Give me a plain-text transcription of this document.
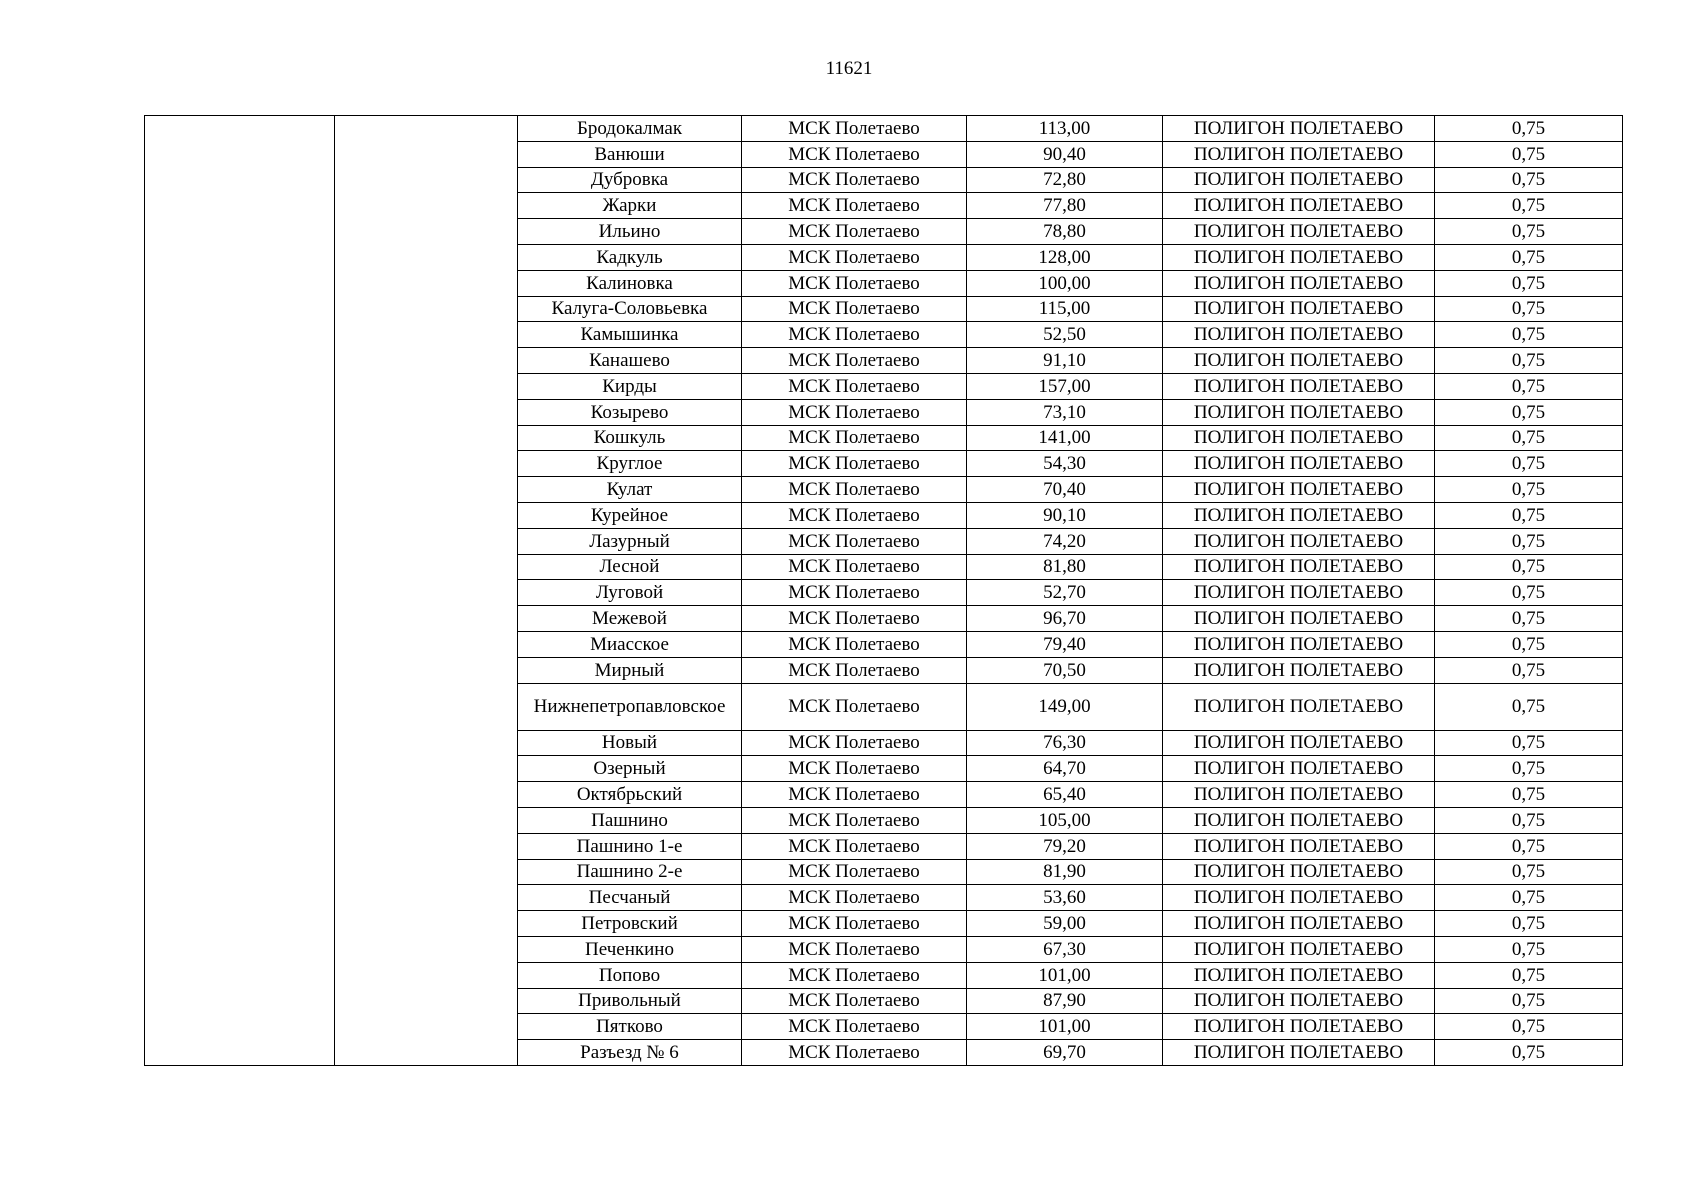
11621
		Бродокалмак	МСК Полетаево	113,00	ПОЛИГОН ПОЛЕТАЕВО	0,75
		Ванюши	МСК Полетаево	90,40	ПОЛИГОН ПОЛЕТАЕВО	0,75
		Дубровка	МСК Полетаево	72,80	ПОЛИГОН ПОЛЕТАЕВО	0,75
		Жарки	МСК Полетаево	77,80	ПОЛИГОН ПОЛЕТАЕВО	0,75
		Ильино	МСК Полетаево	78,80	ПОЛИГОН ПОЛЕТАЕВО	0,75
		Кадкуль	МСК Полетаево	128,00	ПОЛИГОН ПОЛЕТАЕВО	0,75
		Калиновка	МСК Полетаево	100,00	ПОЛИГОН ПОЛЕТАЕВО	0,75
		Калуга-Соловьевка	МСК Полетаево	115,00	ПОЛИГОН ПОЛЕТАЕВО	0,75
		Камышинка	МСК Полетаево	52,50	ПОЛИГОН ПОЛЕТАЕВО	0,75
		Канашево	МСК Полетаево	91,10	ПОЛИГОН ПОЛЕТАЕВО	0,75
		Кирды	МСК Полетаево	157,00	ПОЛИГОН ПОЛЕТАЕВО	0,75
		Козырево	МСК Полетаево	73,10	ПОЛИГОН ПОЛЕТАЕВО	0,75
		Кошкуль	МСК Полетаево	141,00	ПОЛИГОН ПОЛЕТАЕВО	0,75
		Круглое	МСК Полетаево	54,30	ПОЛИГОН ПОЛЕТАЕВО	0,75
		Кулат	МСК Полетаево	70,40	ПОЛИГОН ПОЛЕТАЕВО	0,75
		Курейное	МСК Полетаево	90,10	ПОЛИГОН ПОЛЕТАЕВО	0,75
		Лазурный	МСК Полетаево	74,20	ПОЛИГОН ПОЛЕТАЕВО	0,75
		Лесной	МСК Полетаево	81,80	ПОЛИГОН ПОЛЕТАЕВО	0,75
		Луговой	МСК Полетаево	52,70	ПОЛИГОН ПОЛЕТАЕВО	0,75
		Межевой	МСК Полетаево	96,70	ПОЛИГОН ПОЛЕТАЕВО	0,75
		Миасское	МСК Полетаево	79,40	ПОЛИГОН ПОЛЕТАЕВО	0,75
		Мирный	МСК Полетаево	70,50	ПОЛИГОН ПОЛЕТАЕВО	0,75
		Нижнепетропавловское	МСК Полетаево	149,00	ПОЛИГОН ПОЛЕТАЕВО	0,75
		Новый	МСК Полетаево	76,30	ПОЛИГОН ПОЛЕТАЕВО	0,75
		Озерный	МСК Полетаево	64,70	ПОЛИГОН ПОЛЕТАЕВО	0,75
		Октябрьский	МСК Полетаево	65,40	ПОЛИГОН ПОЛЕТАЕВО	0,75
		Пашнино	МСК Полетаево	105,00	ПОЛИГОН ПОЛЕТАЕВО	0,75
		Пашнино 1-е	МСК Полетаево	79,20	ПОЛИГОН ПОЛЕТАЕВО	0,75
		Пашнино 2-е	МСК Полетаево	81,90	ПОЛИГОН ПОЛЕТАЕВО	0,75
		Песчаный	МСК Полетаево	53,60	ПОЛИГОН ПОЛЕТАЕВО	0,75
		Петровский	МСК Полетаево	59,00	ПОЛИГОН ПОЛЕТАЕВО	0,75
		Печенкино	МСК Полетаево	67,30	ПОЛИГОН ПОЛЕТАЕВО	0,75
		Попово	МСК Полетаево	101,00	ПОЛИГОН ПОЛЕТАЕВО	0,75
		Привольный	МСК Полетаево	87,90	ПОЛИГОН ПОЛЕТАЕВО	0,75
		Пятково	МСК Полетаево	101,00	ПОЛИГОН ПОЛЕТАЕВО	0,75
		Разъезд № 6	МСК Полетаево	69,70	ПОЛИГОН ПОЛЕТАЕВО	0,75
